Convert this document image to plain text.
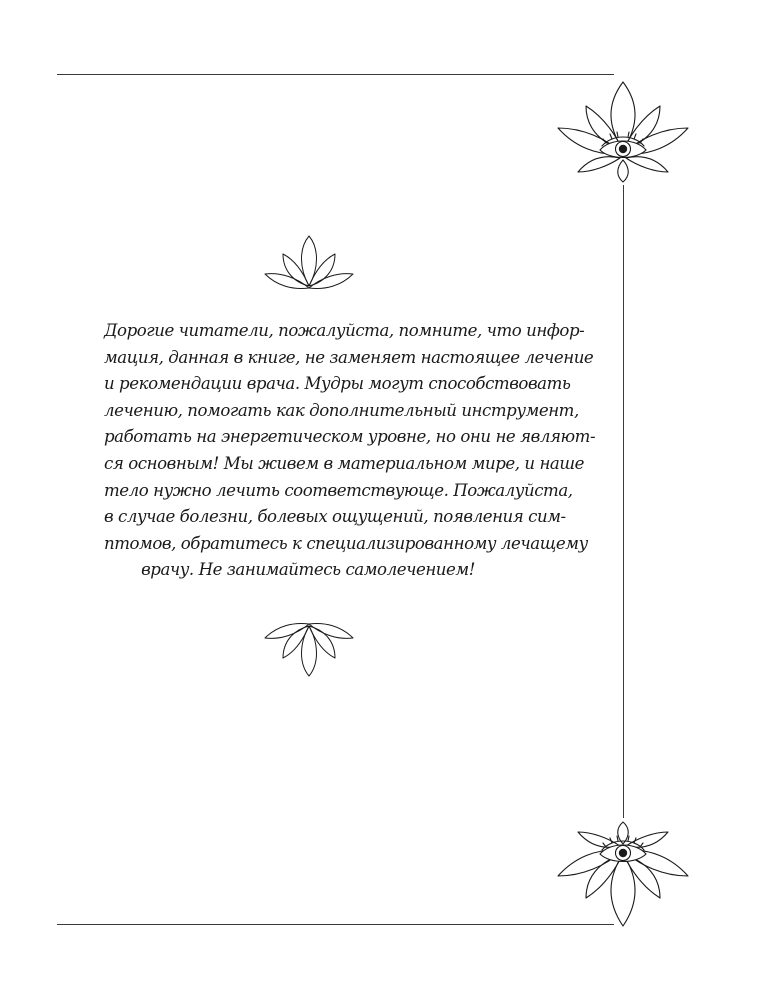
Дорогие читатели, пожалуйста, помните, что инфор-
мация, данная в книге, не заменяет настоящее лечение
и рекомендации врача. Мудры могут способствовать
лечению, помогать как дополнительный инструмент,
работать на энергетическом уровне, но они не являют-
ся основным! Мы живем в материальном мире, и наше
тело нужно лечить соответствующе. Пожалуйста,
в случае болезни, болевых ощущений, появления сим-
птомов, обратитесь к специализированному лечащему
врачу. Не занимайтесь самолечением!
